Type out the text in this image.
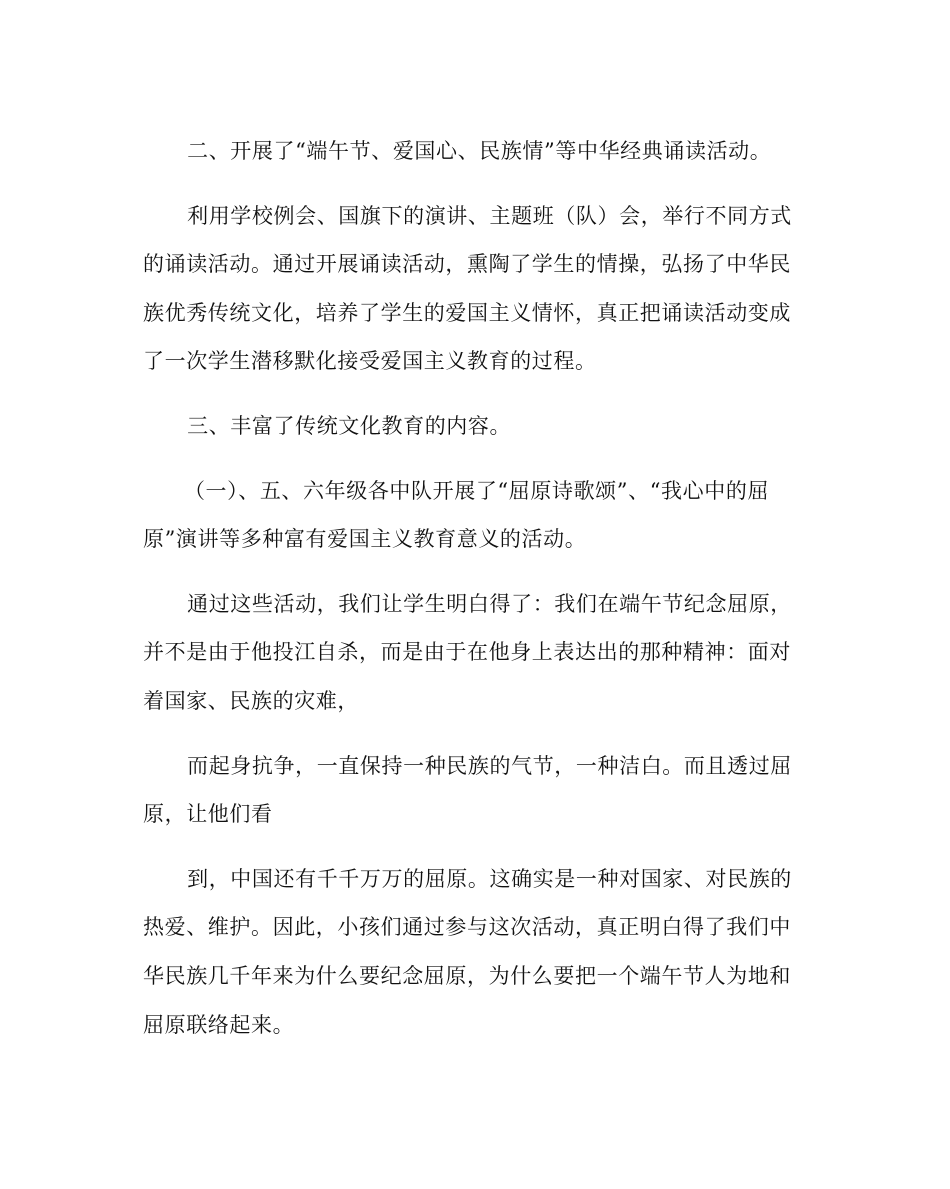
二、开展了“端午节、爱国心、民族情”等中华经典诵读活动。

利用学校例会、国旗下的演讲、主题班（队）会，举行不同方式的诵读活动。通过开展诵读活动，熏陶了学生的情操，弘扬了中华民族优秀传统文化，培养了学生的爱国主义情怀，真正把诵读活动变成了一次学生潜移默化接受爱国主义教育的过程。

三、丰富了传统文化教育的内容。

（一）、五、六年级各中队开展了“屈原诗歌颂”、“我心中的屈原”演讲等多种富有爱国主义教育意义的活动。

通过这些活动，我们让学生明白得了：我们在端午节纪念屈原，并不是由于他投江自杀，而是由于在他身上表达出的那种精神：面对着国家、民族的灾难，

而起身抗争，一直保持一种民族的气节，一种洁白。而且透过屈原，让他们看

到，中国还有千千万万的屈原。这确实是一种对国家、对民族的热爱、维护。因此，小孩们通过参与这次活动，真正明白得了我们中华民族几千年来为什么要纪念屈原，为什么要把一个端午节人为地和屈原联络起来。
